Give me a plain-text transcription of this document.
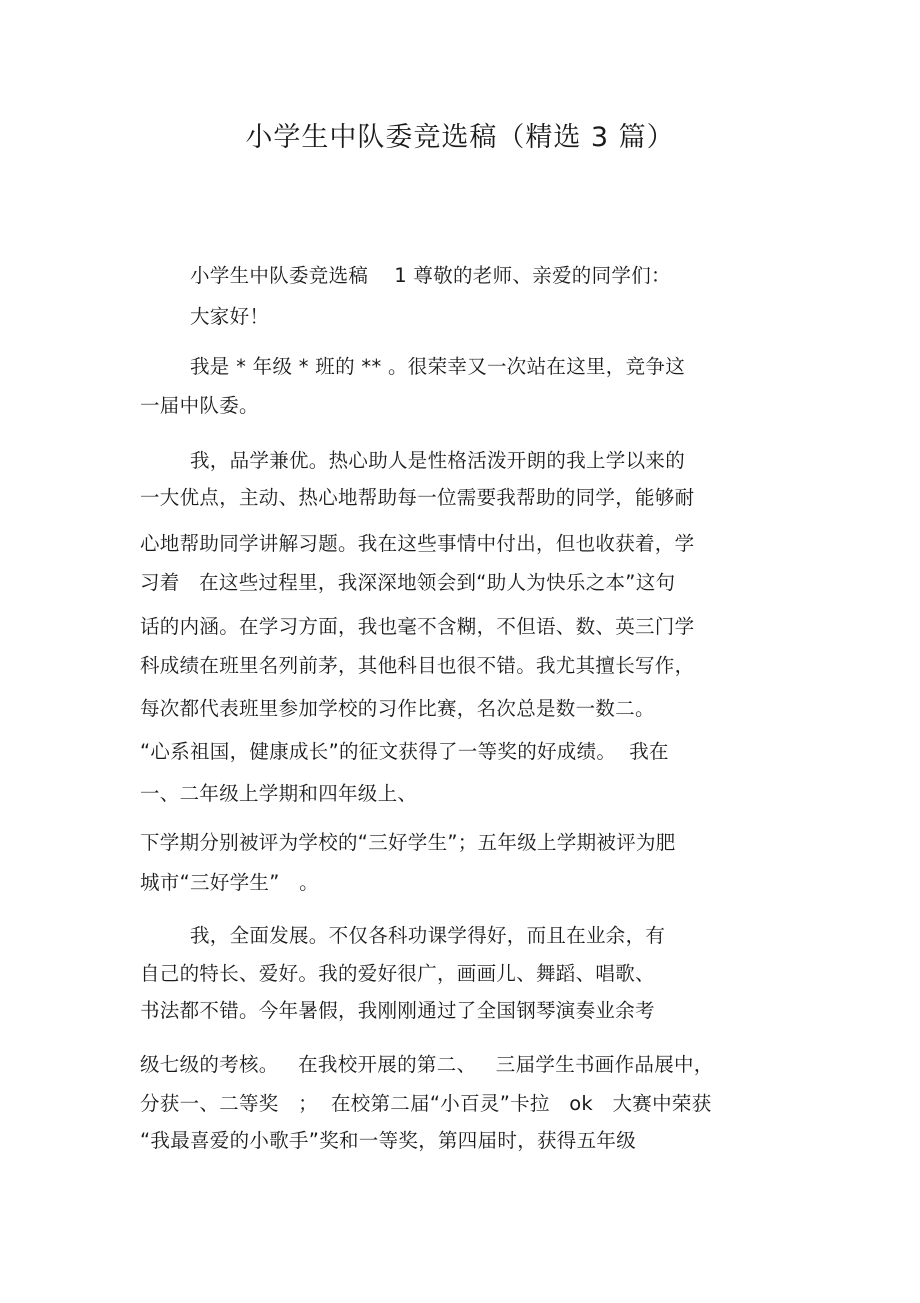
小学生中队委竞选稿（精选 3 篇）
小学生中队委竞选稿    1 尊敬的老师、亲爱的同学们：
大家好！
我是 * 年级 * 班的 ** 。很荣幸又一次站在这里，竞争这
一届中队委。
我，品学兼优。热心助人是性格活泼开朗的我上学以来的
一大优点，主动、热心地帮助每一位需要我帮助的同学，能够耐
心地帮助同学讲解习题。我在这些事情中付出，但也收获着，学
习着   在这些过程里，我深深地领会到“助人为快乐之本”这句
话的内涵。在学习方面，我也毫不含糊，不但语、数、英三门学
科成绩在班里名列前茅，其他科目也很不错。我尤其擅长写作，
每次都代表班里参加学校的习作比赛，名次总是数一数二。
“心系祖国，健康成长”的征文获得了一等奖的好成绩。  我在
一、二年级上学期和四年级上、
下学期分别被评为学校的“三好学生”；五年级上学期被评为肥
城市“三好学生”   。
我，全面发展。不仅各科功课学得好，而且在业余，有
自己的特长、爱好。我的爱好很广，画画儿、舞蹈、唱歌、
书法都不错。今年暑假，我刚刚通过了全国钢琴演奏业余考
级七级的考核。   在我校开展的第二、   三届学生书画作品展中，
分获一、二等奖   ；  在校第二届“小百灵”卡拉   ok   大赛中荣获
“我最喜爱的小歌手”奖和一等奖，第四届时，获得五年级
